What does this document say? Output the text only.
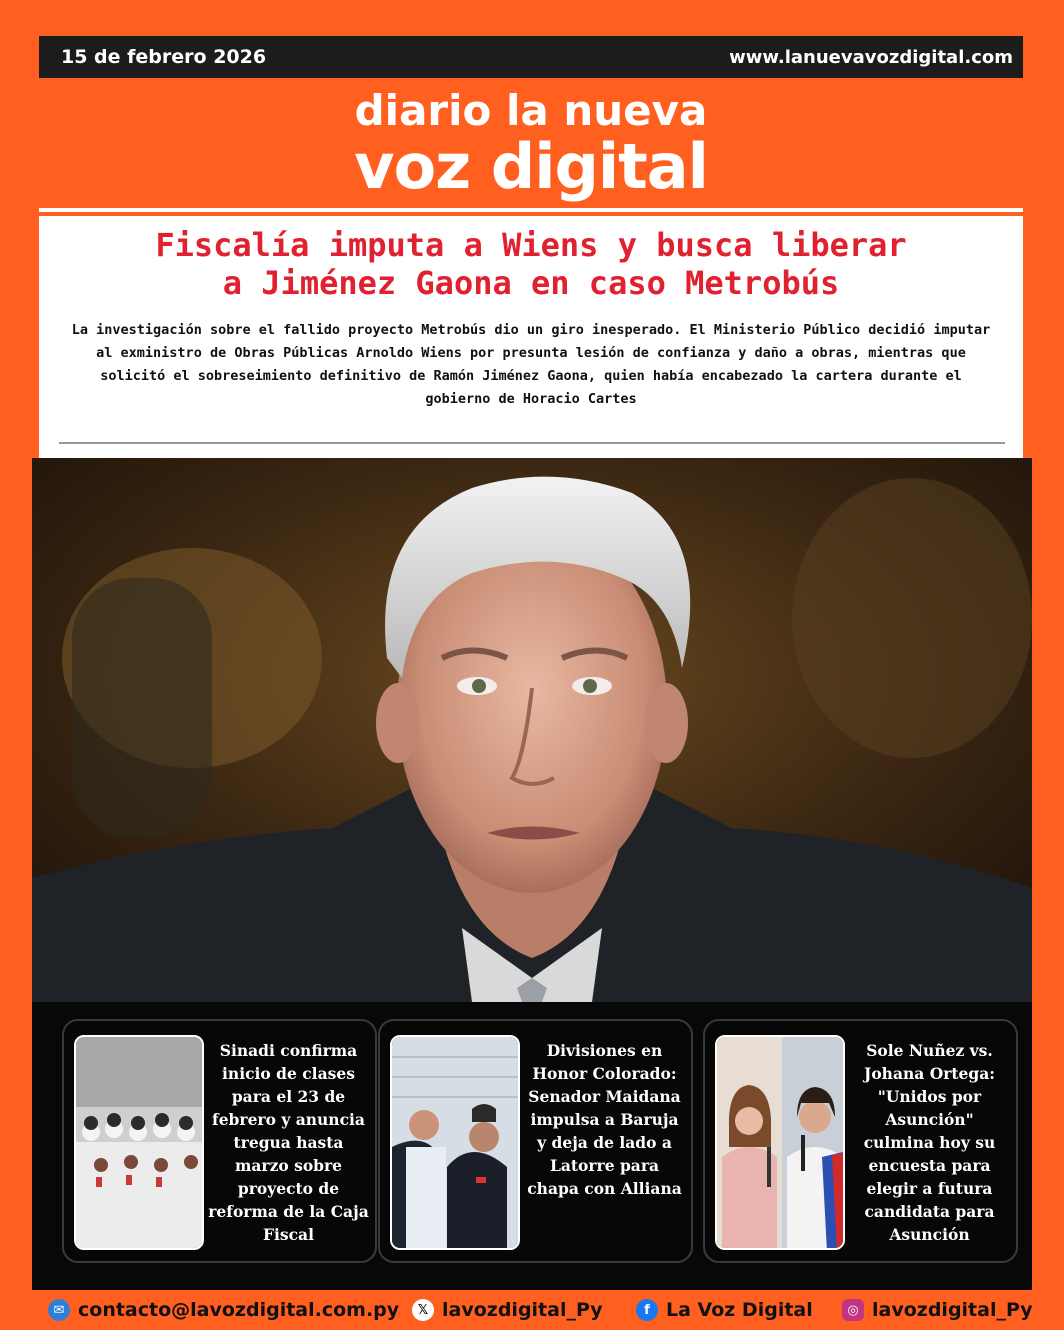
15 de febrero 2026	www.lanuevavozdigital.com
diario la nueva
voz digital
Fiscalía imputa a Wiens y busca liberar
a Jiménez Gaona en caso Metrobús
La investigación sobre el fallido proyecto Metrobús dio un giro inesperado. El Ministerio Público decidió imputar
al exministro de Obras Públicas Arnoldo Wiens por presunta lesión de confianza y daño a obras, mientras que
solicitó el sobreseimiento definitivo de Ramón Jiménez Gaona, quien había encabezado la cartera durante el
gobierno de Horacio Cartes
Sinadi confirma inicio de clases para el 23 de febrero y anuncia tregua hasta marzo sobre proyecto de reforma de la Caja Fiscal
Divisiones en Honor Colorado: Senador Maidana impulsa a Baruja y deja de lado a Latorre para chapa con Alliana
Sole Nuñez vs. Johana Ortega: "Unidos por Asunción" culmina hoy su encuesta para elegir a futura candidata para Asunción
✉ contacto@lavozdigital.com.py	𝕏 lavozdigital_Py	f La Voz Digital	◎ lavozdigital_Py
